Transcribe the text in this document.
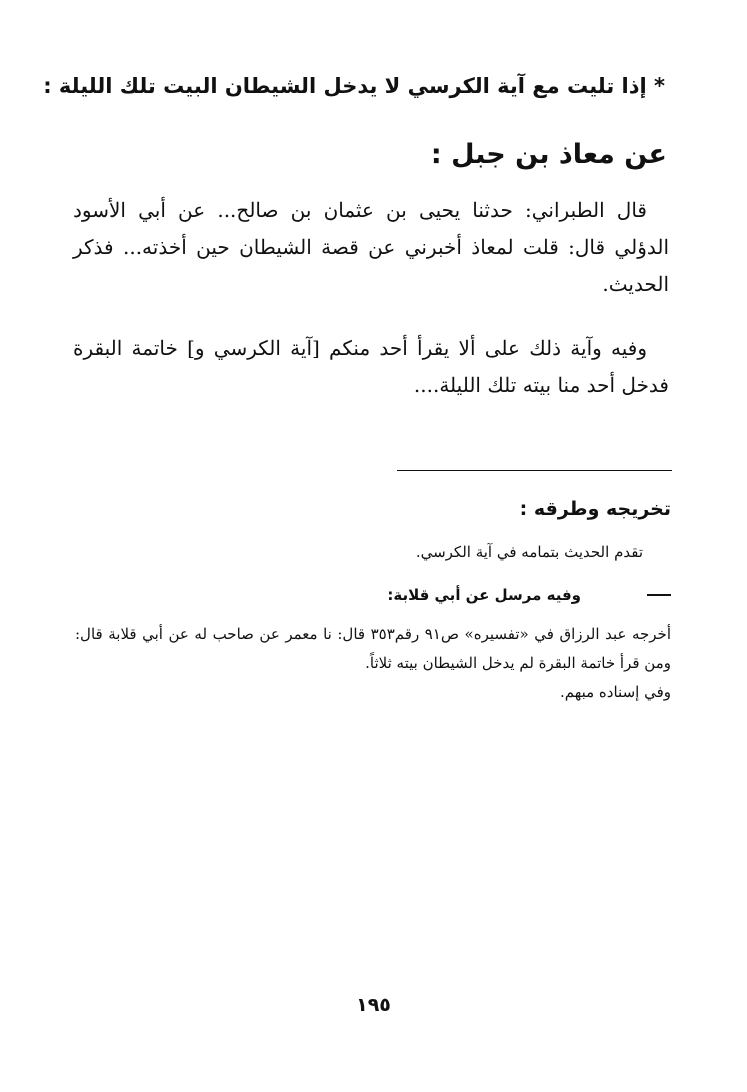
* إذا تليت مع آية الكرسي لا يدخل الشيطان البيت تلك الليلة :
عن معاذ بن جبل :
قال الطبراني: حدثنا يحيى بن عثمان بن صالح... عن أبي الأسود الدؤلي قال: قلت لمعاذ أخبرني عن قصة الشيطان حين أخذته... فذكر الحديث.
وفيه وآية ذلك على ألا يقرأ أحد منكم [آية الكرسي و] خاتمة البقرة فدخل أحد منا بيته تلك الليلة....
تخريجه وطرقه :
تقدم الحديث بتمامه في آية الكرسي.
وفيه مرسل عن أبي قلابة:
أخرجه عبد الرزاق في «تفسيره» ص٩١ رقم٣٥٣ قال: نا معمر عن صاحب له عن أبي قلابة قال: ومن قرأ خاتمة البقرة لم يدخل الشيطان بيته ثلاثاً.
وفي إسناده مبهم.
١٩٥
